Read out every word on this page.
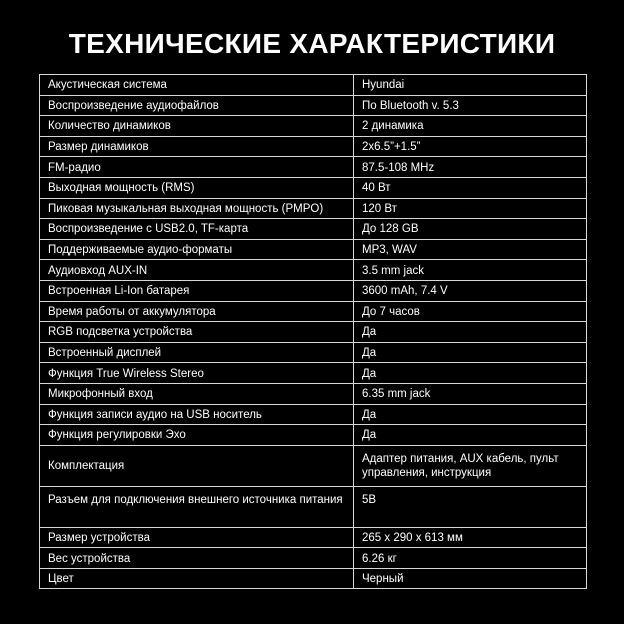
ТЕХНИЧЕСКИЕ ХАРАКТЕРИСТИКИ
Акустическая система	Hyundai
Воспроизведение аудиофайлов	По Bluetooth v. 5.3
Количество динамиков	2 динамика
Размер динамиков	2x6.5”+1.5”
FM-радио	87.5-108 MHz
Выходная мощность (RMS)	40 Вт
Пиковая музыкальная выходная мощность (PMPO)	120 Вт
Воспроизведение с USB2.0, TF-карта	До 128 GB
Поддерживаемые аудио-форматы	MP3, WAV
Аудиовход AUX-IN	3.5 mm jack
Встроенная Li-Ion батарея	3600 mAh, 7.4 V
Время работы от аккумулятора	До 7 часов
RGB подсветка устройства	Да
Встроенный дисплей	Да
Функция True Wireless Stereo	Да
Микрофонный вход	6.35 mm jack
Функция записи аудио на USB носитель	Да
Функция регулировки Эхо	Да
Комплектация	Адаптер питания, AUX кабель, пульт управления, инструкция
Разъем для подключения внешнего источника питания	5В
Размер устройства	265 x 290 x 613 мм
Вес устройства	6.26 кг
Цвет	Черный
